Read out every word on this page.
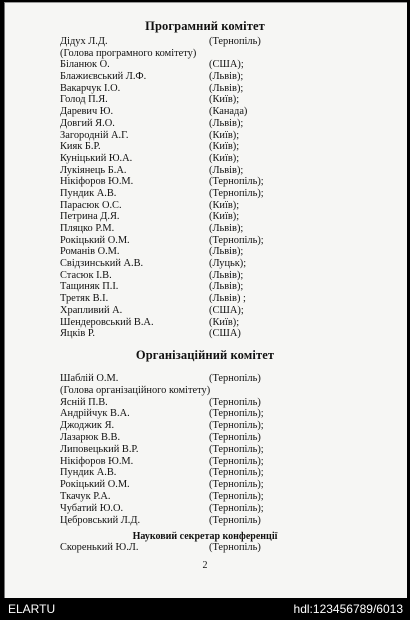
Програмний комітет
Дідух Л.Д.	(Тернопіль)
(Голова програмного комітету)
Біланюк О.	(США);
Блажиєвський Л.Ф.	(Львів);
Вакарчук І.О.	(Львів);
Голод П.Я.	(Київ);
Даревич Ю.	(Канада)
Довгий Я.О.	(Львів);
Загородній А.Г.	(Київ);
Кияк Б.Р.	(Київ);
Куніцький Ю.А.	(Київ);
Лукіянець Б.А.	(Львів);
Нікіфоров Ю.М.	(Тернопіль);
Пундик А.В.	(Тернопіль);
Парасюк О.С.	(Київ);
Петрина Д.Я.	(Київ);
Пляцко Р.М.	(Львів);
Рокіцький О.М.	(Тернопіль);
Романів О.М.	(Львів);
Свідзинський А.В.	(Луцьк);
Стасюк І.В.	(Львів);
Тащиняк П.І.	(Львів);
Третяк В.І.	(Львів) ;
Храпливий А.	(США);
Шендеровський В.А.	(Київ);
Яцків Р.	(США)
Організаційний комітет
Шаблій О.М.	(Тернопіль)
(Голова організаційного комітету)
Ясній П.В.	(Тернопіль)
Андрійчук В.А.	(Тернопіль);
Джоджик Я.	(Тернопіль);
Лазарюк В.В.	(Тернопіль)
Липовецький В.Р.	(Тернопіль);
Нікіфоров Ю.М.	(Тернопіль);
Пундик А.В.	(Тернопіль);
Рокіцький О.М.	(Тернопіль);
Ткачук Р.А.	(Тернопіль);
Чубатий Ю.О.	(Тернопіль);
Цебровський Л.Д.	(Тернопіль)
Науковий секретар конференції
Скоренький Ю.Л.	(Тернопіль)
2
ELARTU	hdl:123456789/6013
